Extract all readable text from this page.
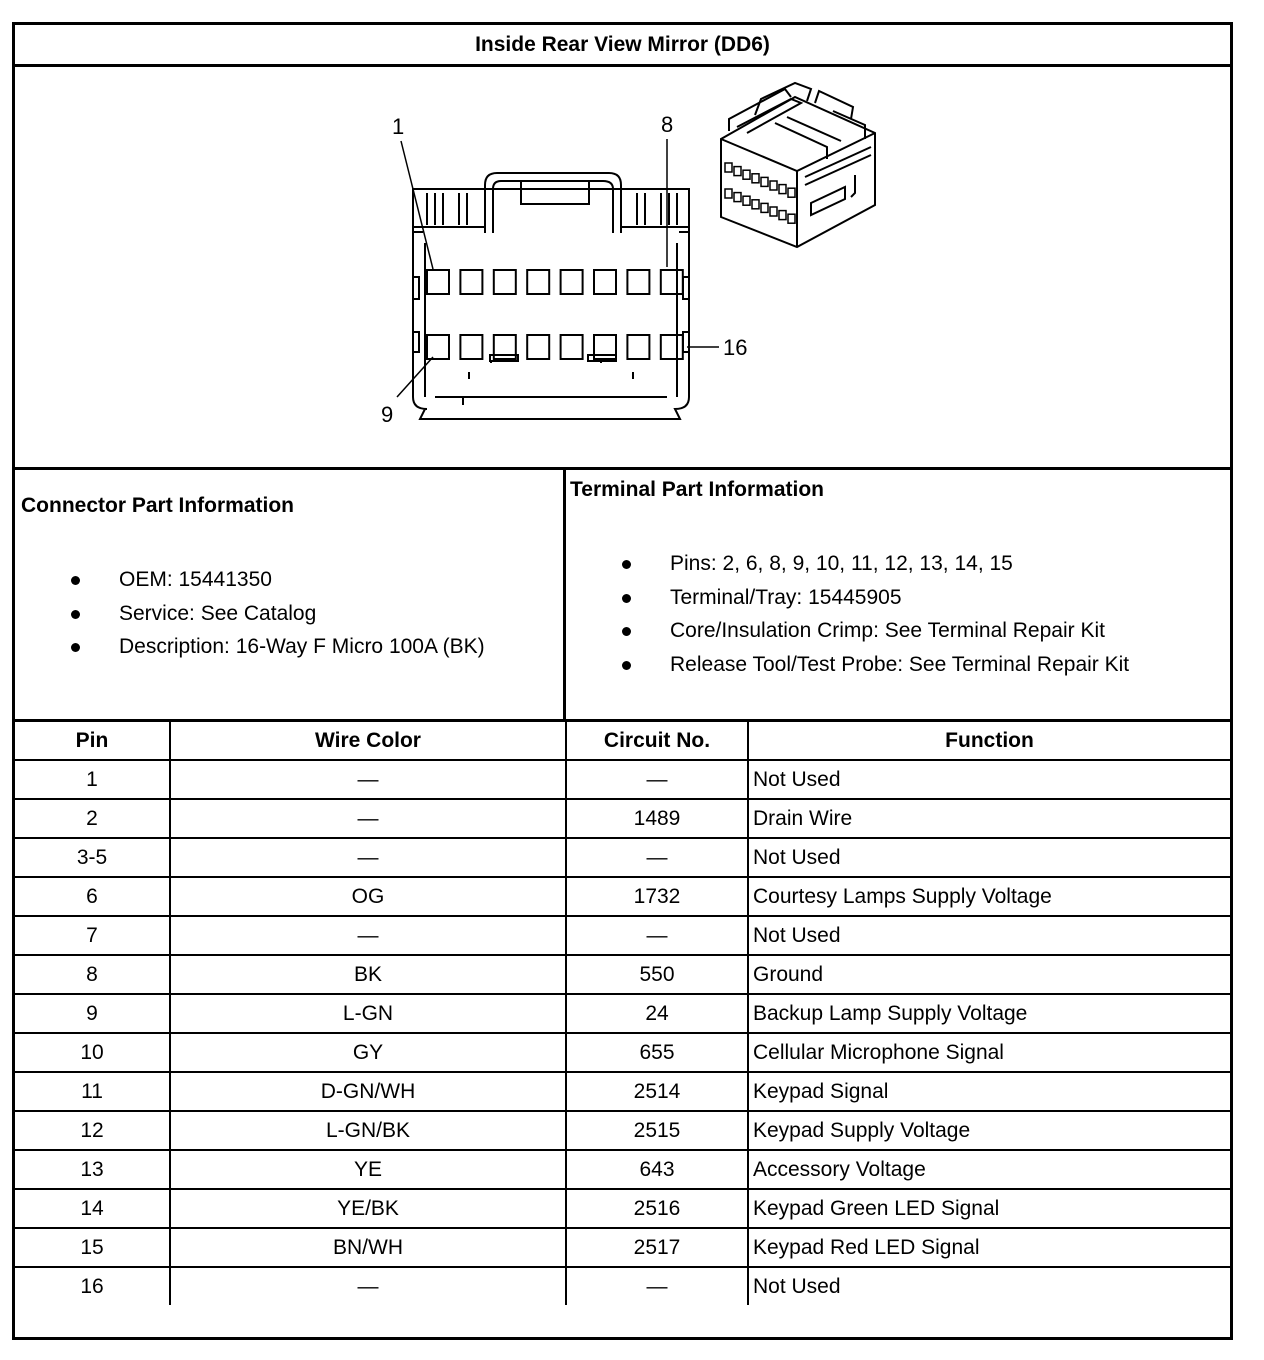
Inside Rear View Mirror (DD6)
1	8
16
9
Connector Part Information
OEM: 15441350
Service: See Catalog
Description: 16-Way F Micro 100A (BK)
Terminal Part Information
Pins: 2, 6, 8, 9, 10, 11, 12, 13, 14, 15
Terminal/Tray: 15445905
Core/Insulation Crimp: See Terminal Repair Kit
Release Tool/Test Probe: See Terminal Repair Kit
Pin	Wire Color	Circuit No.	Function
1	—	—	Not Used
2	—	1489	Drain Wire
3-5	—	—	Not Used
6	OG	1732	Courtesy Lamps Supply Voltage
7	—	—	Not Used
8	BK	550	Ground
9	L-GN	24	Backup Lamp Supply Voltage
10	GY	655	Cellular Microphone Signal
11	D-GN/WH	2514	Keypad Signal
12	L-GN/BK	2515	Keypad Supply Voltage
13	YE	643	Accessory Voltage
14	YE/BK	2516	Keypad Green LED Signal
15	BN/WH	2517	Keypad Red LED Signal
16	—	—	Not Used
